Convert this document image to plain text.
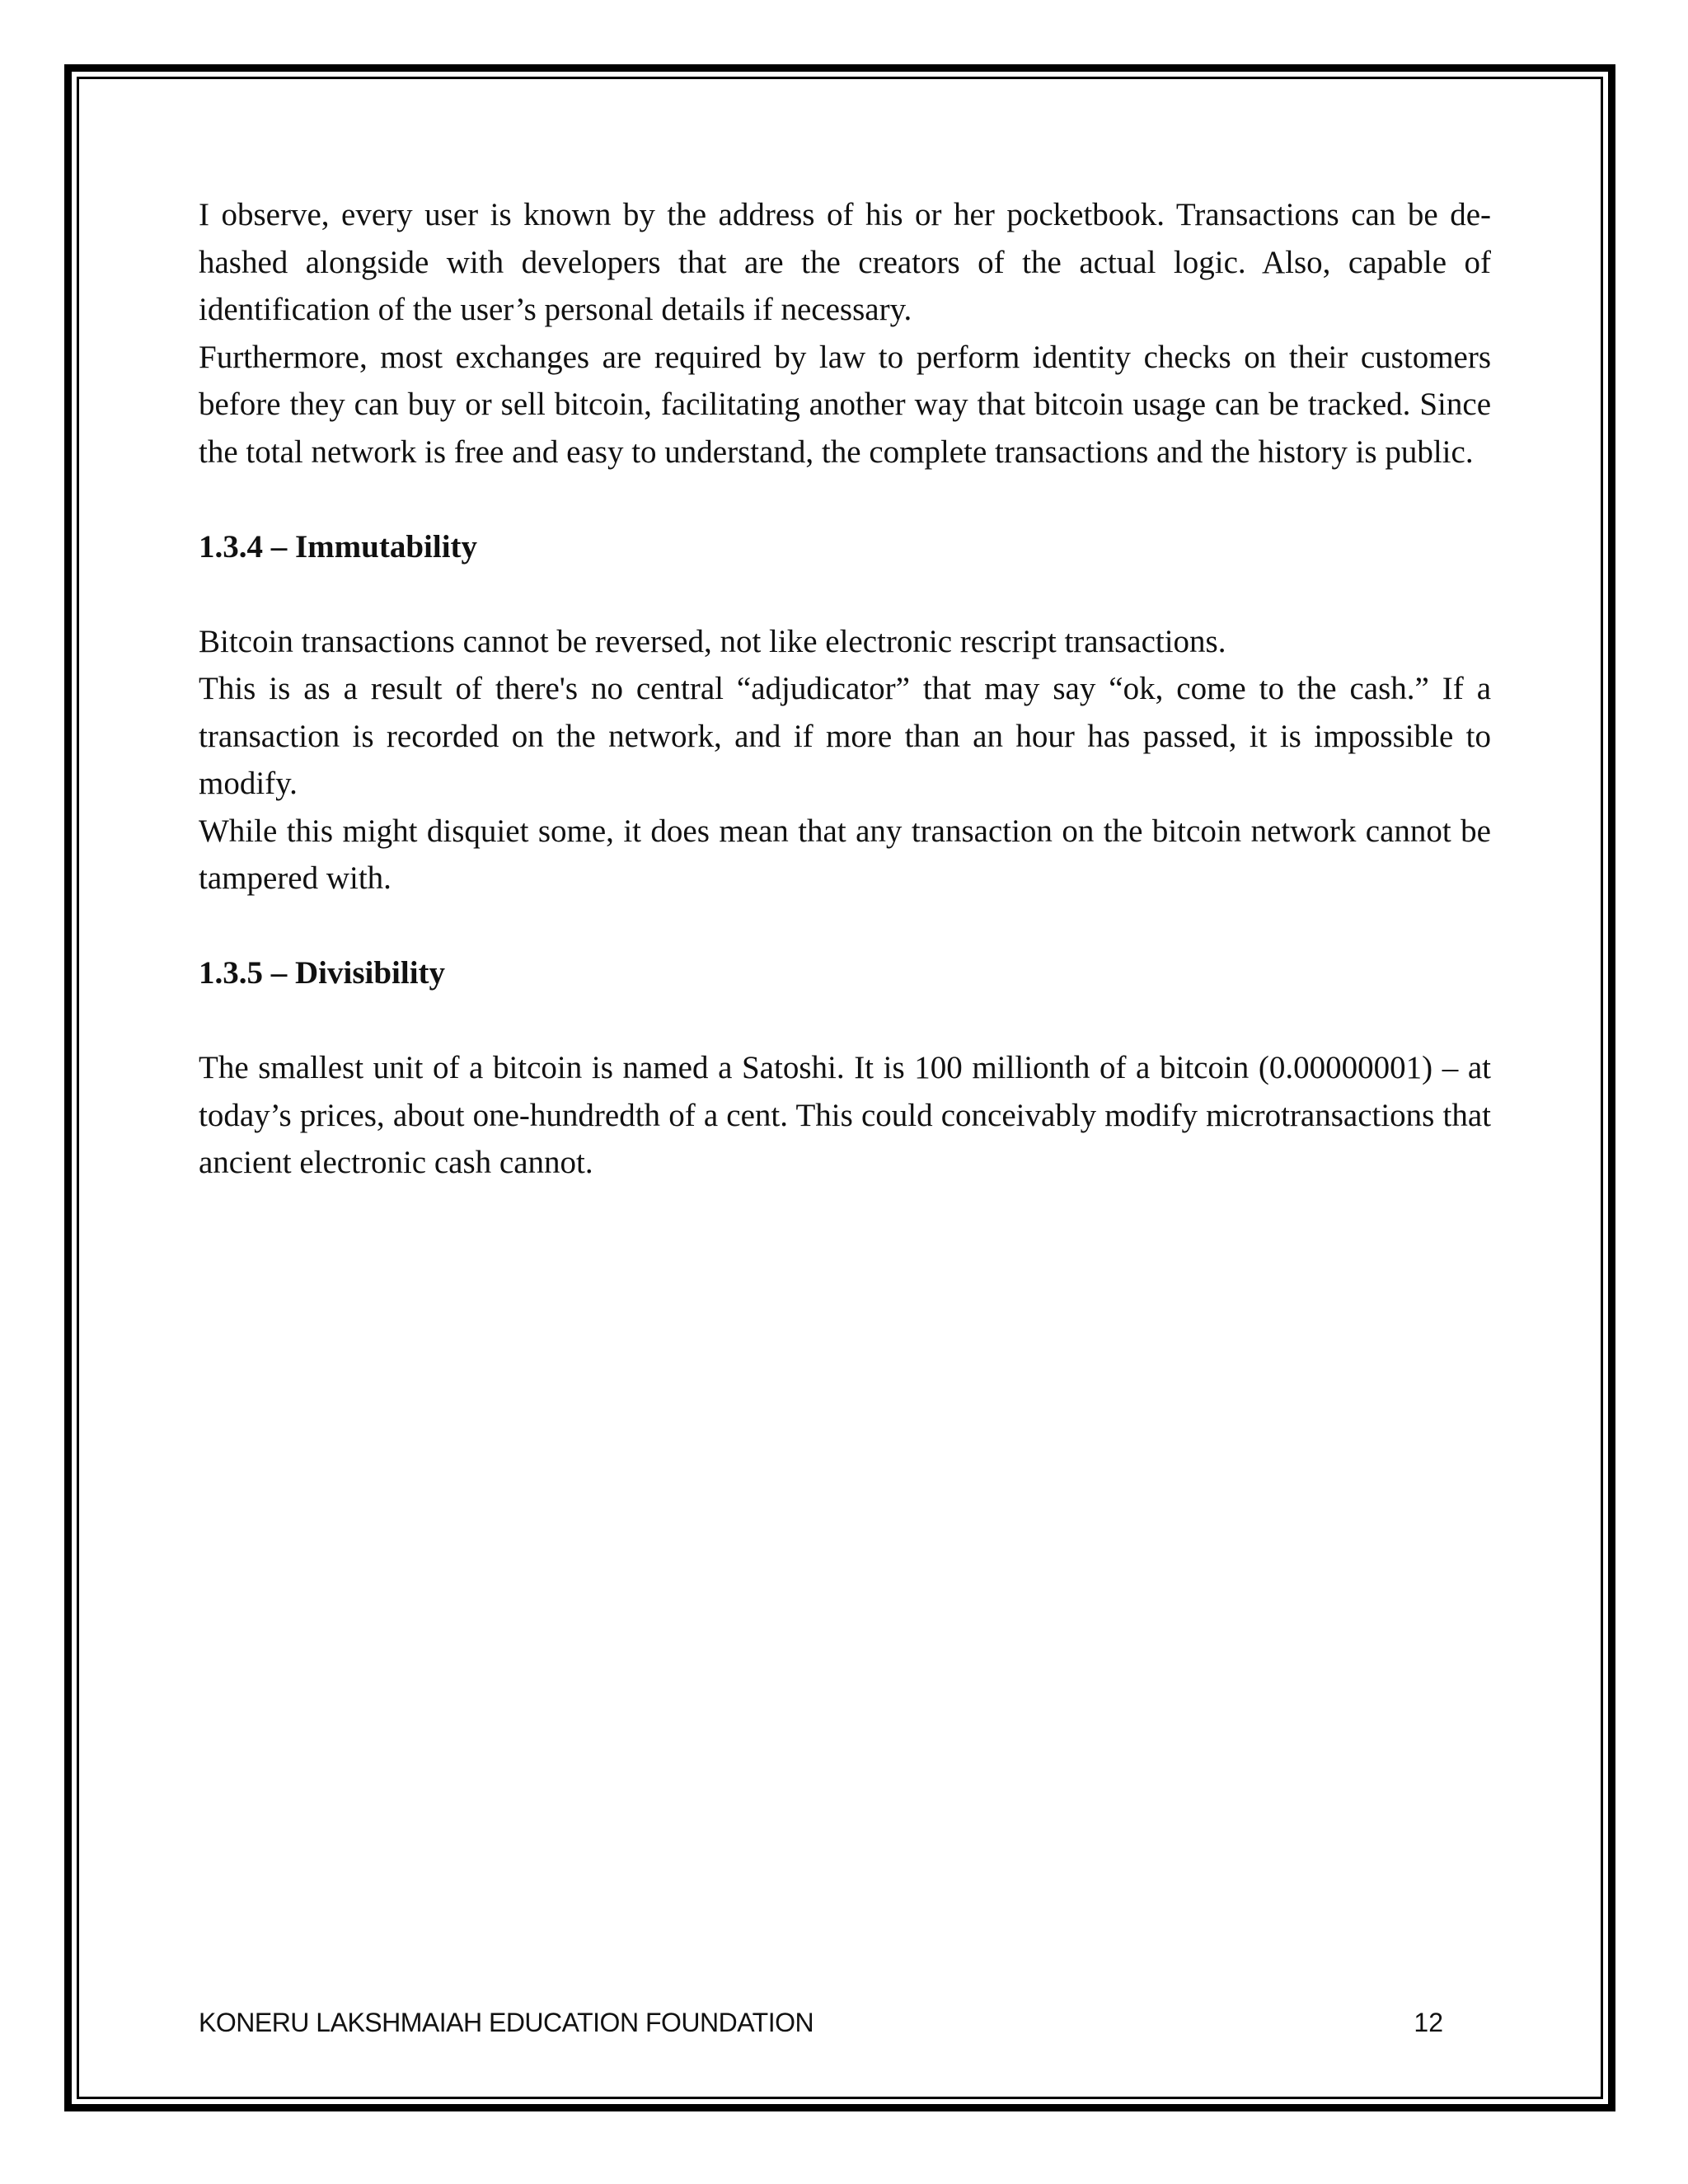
I observe, every user is known by the address of his or her pocketbook. Transactions can be de-hashed alongside with developers that are the creators of the actual logic. Also, capable of identification of the user’s personal details if necessary.

Furthermore, most exchanges are required by law to perform identity checks on their customers before they can buy or sell bitcoin, facilitating another way that bitcoin usage can be tracked. Since the total network is free and easy to understand, the complete transactions and the history is public.

1.3.4 – Immutability

Bitcoin transactions cannot be reversed, not like electronic rescript transactions.

This is as a result of there's no central “adjudicator” that may say “ok, come to the cash.” If a transaction is recorded on the network, and if more than an hour has passed, it is impossible to modify.

While this might disquiet some, it does mean that any transaction on the bitcoin network cannot be tampered with.

1.3.5 – Divisibility

The smallest unit of a bitcoin is named a Satoshi. It is 100 millionth of a bitcoin (0.00000001) – at today’s prices, about one-hundredth of a cent. This could conceivably modify microtransactions that ancient electronic cash cannot.

KONERU LAKSHMAIAH EDUCATION FOUNDATION	12
